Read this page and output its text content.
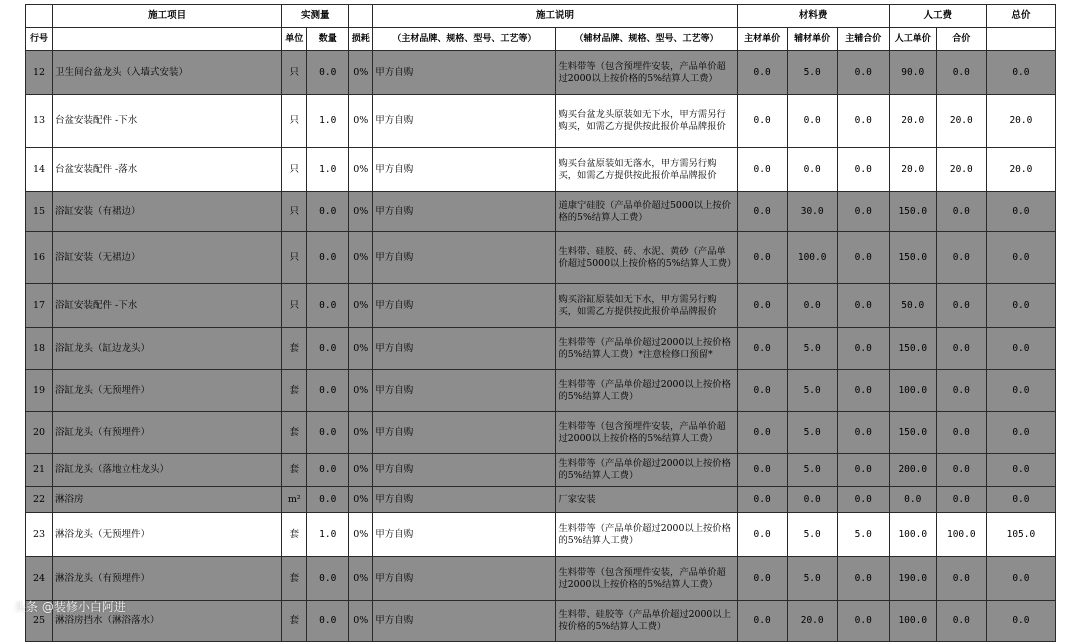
	施工项目	实测量			施工说明		材料费			人工费		总价
行号		单位	数量	损耗	（主材品牌、规格、型号、工艺等）	（辅材品牌、规格、型号、工艺等）	主材单价	辅材单价	主辅合价	人工单价	合价	
12	卫生间台盆龙头（入墙式安装）	只	0.0	0%	甲方自购	生料带等（包含预埋件安装，产品单价超过2000以上按价格的5%结算人工费）	0.0	5.0	0.0	90.0	0.0	0.0
13	台盆安装配件 -下水	只	1.0	0%	甲方自购	购买台盆龙头原装如无下水，甲方需另行购买，如需乙方提供按此报价单品牌报价	0.0	0.0	0.0	20.0	20.0	20.0
14	台盆安装配件 -落水	只	1.0	0%	甲方自购	购买台盆原装如无落水，甲方需另行购买，如需乙方提供按此报价单品牌报价	0.0	0.0	0.0	20.0	20.0	20.0
15	浴缸安装（有裙边）	只	0.0	0%	甲方自购	道康宁硅胶（产品单价超过5000以上按价格的5%结算人工费）	0.0	30.0	0.0	150.0	0.0	0.0
16	浴缸安装（无裙边）	只	0.0	0%	甲方自购	生料带、硅胶、砖、水泥、黄砂（产品单价超过5000以上按价格的5%结算人工费）	0.0	100.0	0.0	150.0	0.0	0.0
17	浴缸安装配件 -下水	只	0.0	0%	甲方自购	购买浴缸原装如无下水，甲方需另行购买，如需乙方提供按此报价单品牌报价	0.0	0.0	0.0	50.0	0.0	0.0
18	浴缸龙头（缸边龙头）	套	0.0	0%	甲方自购	生料带等（产品单价超过2000以上按价格的5%结算人工费）*注意检修口预留*	0.0	5.0	0.0	150.0	0.0	0.0
19	浴缸龙头（无预埋件）	套	0.0	0%	甲方自购	生料带等（产品单价超过2000以上按价格的5%结算人工费）	0.0	5.0	0.0	100.0	0.0	0.0
20	浴缸龙头（有预埋件）	套	0.0	0%	甲方自购	生料带等（包含预埋件安装，产品单价超过2000以上按价格的5%结算人工费）	0.0	5.0	0.0	150.0	0.0	0.0
21	浴缸龙头（落地立柱龙头）	套	0.0	0%	甲方自购	生料带等（产品单价超过2000以上按价格的5%结算人工费）	0.0	5.0	0.0	200.0	0.0	0.0
22	淋浴房	m²	0.0	0%	甲方自购	厂家安装	0.0	0.0	0.0	0.0	0.0	0.0
23	淋浴龙头（无预埋件）	套	1.0	0%	甲方自购	生料带等（产品单价超过2000以上按价格的5%结算人工费）	0.0	5.0	5.0	100.0	100.0	105.0
24	淋浴龙头（有预埋件）	套	0.0	0%	甲方自购	生料带等（包含预埋件安装，产品单价超过2000以上按价格的5%结算人工费）	0.0	5.0	0.0	190.0	0.0	0.0
25	淋浴房挡水（淋浴落水）	套	0.0	0%	甲方自购	生料带、硅胶等（产品单价超过2000以上按价格的5%结算人工费）	0.0	20.0	0.0	100.0	0.0	0.0
头条 @装修小白阿进
